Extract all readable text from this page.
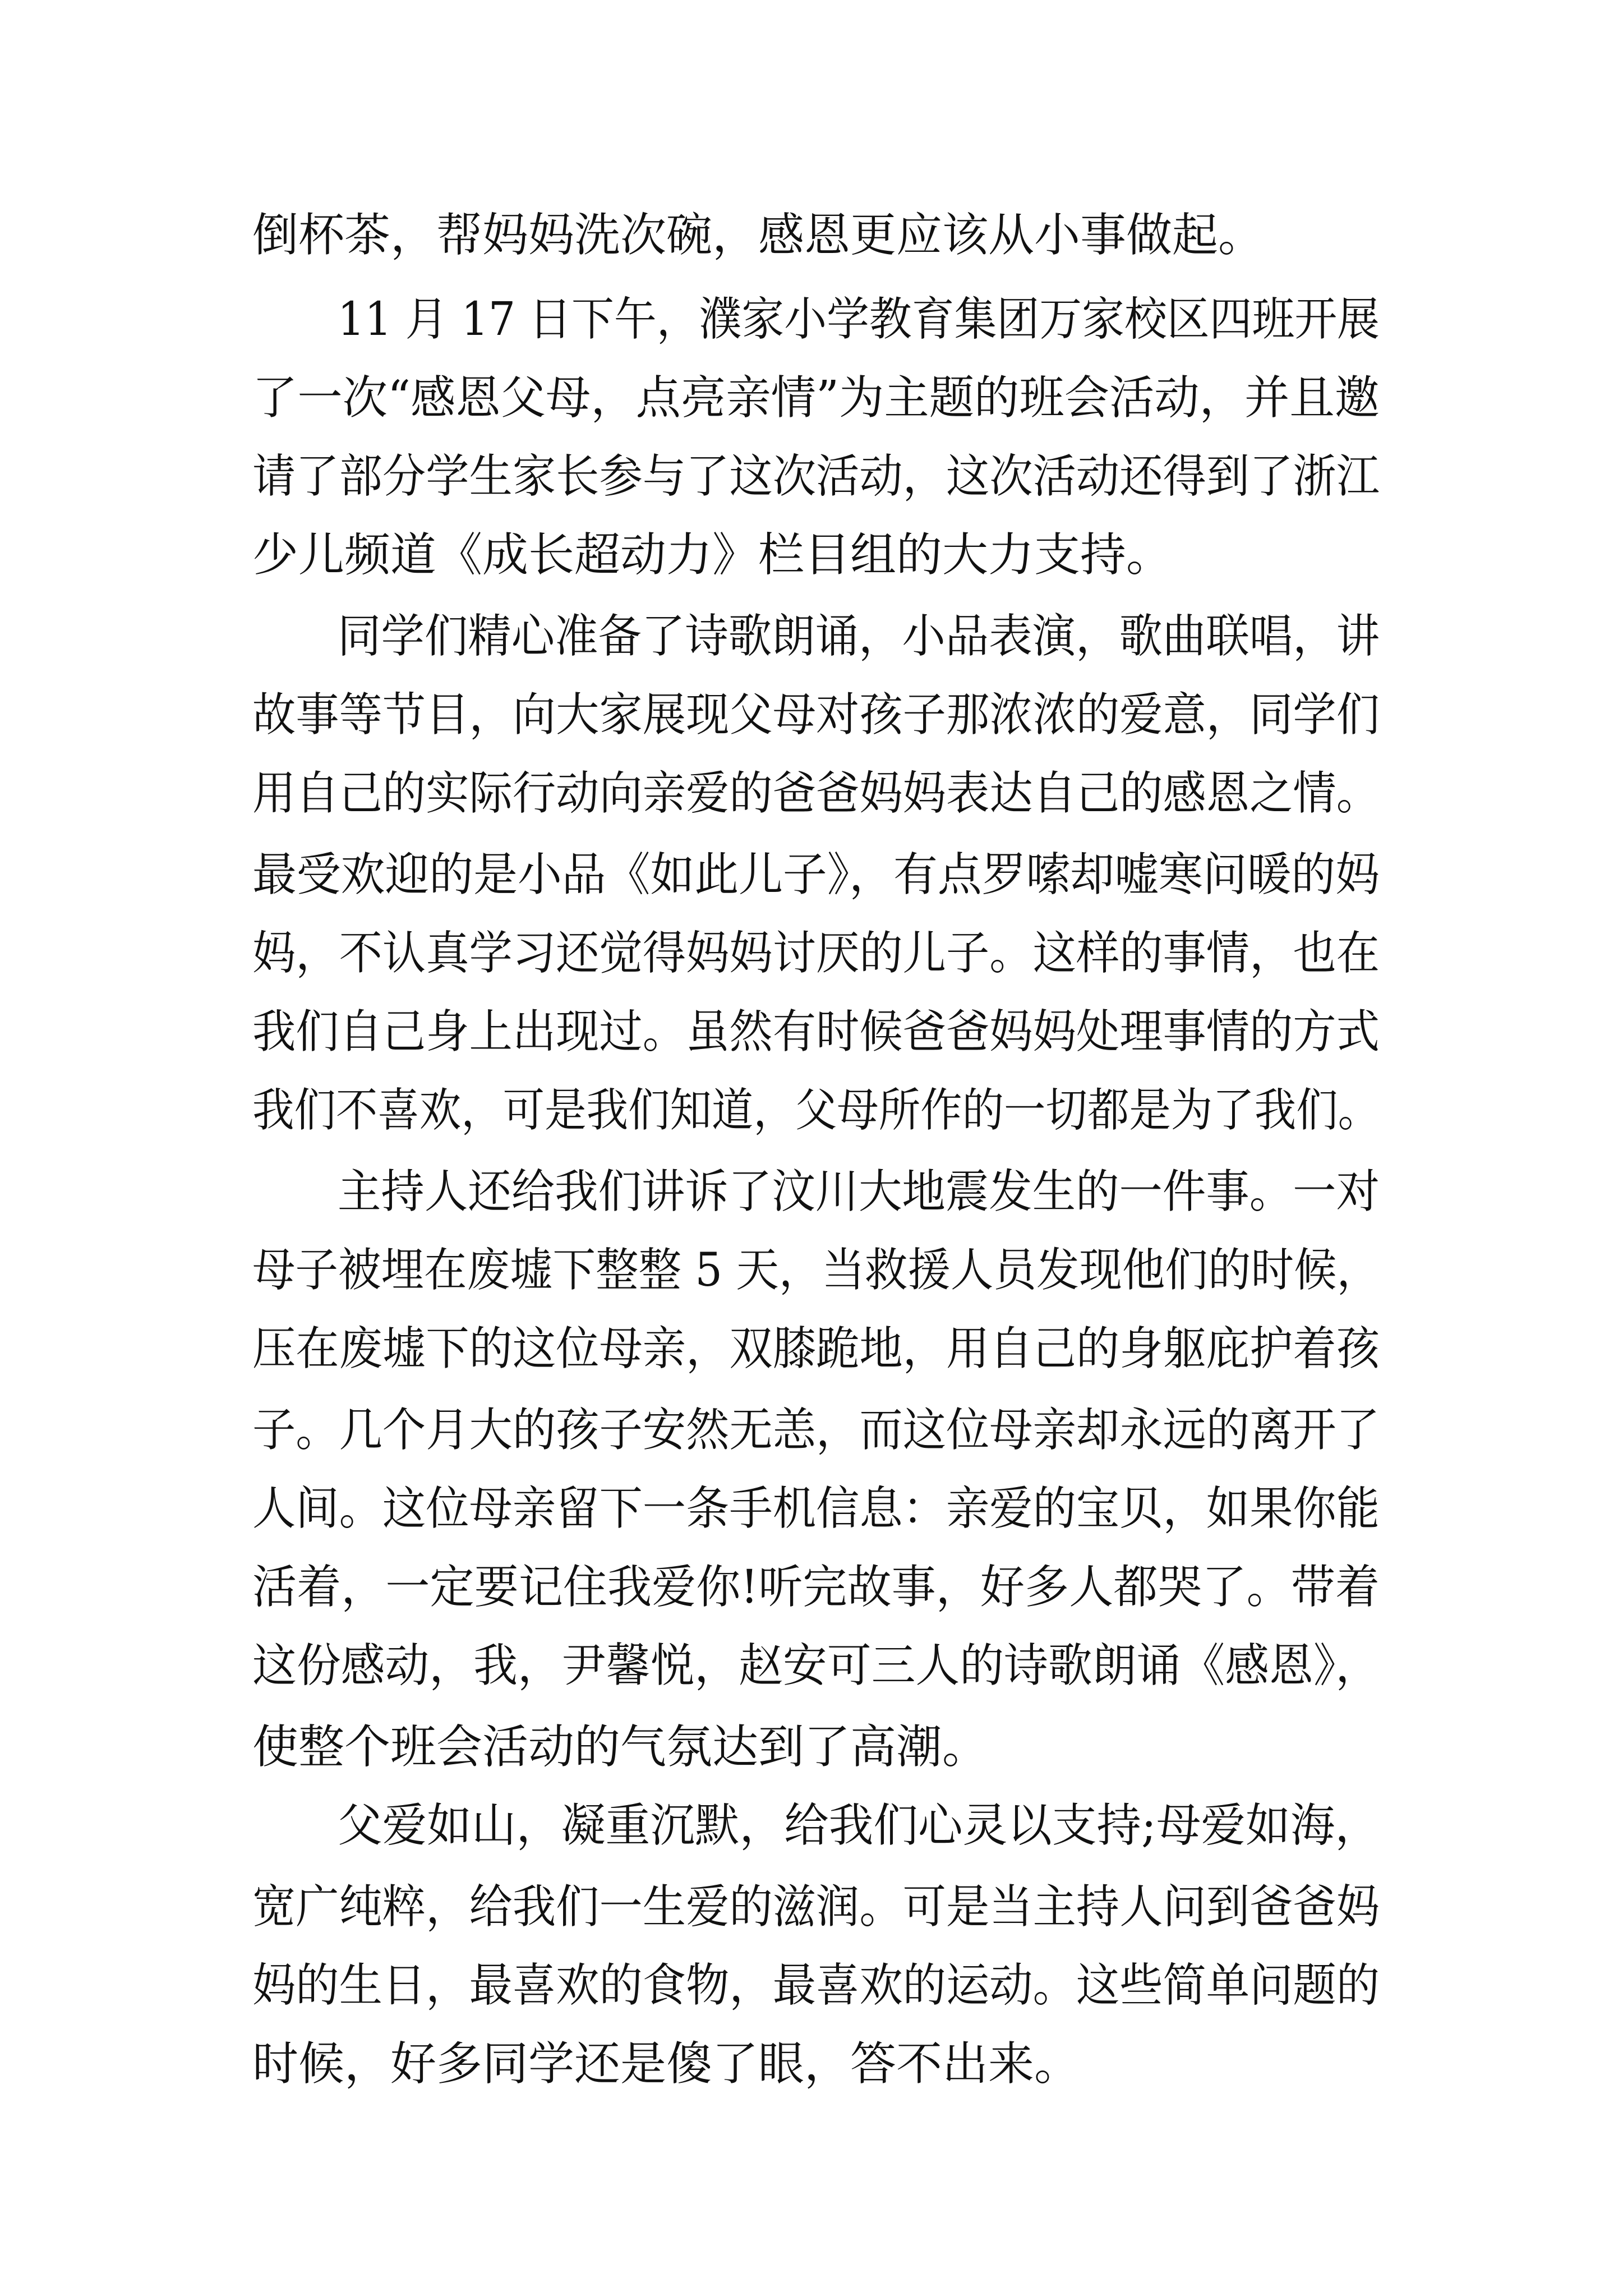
倒杯茶，帮妈妈洗次碗，感恩更应该从小事做起。
11 月 17 日下午，濮家小学教育集团万家校区四班开展
了一次“感恩父母，点亮亲情”为主题的班会活动，并且邀
请了部分学生家长参与了这次活动，这次活动还得到了浙江
少儿频道《成长超动力》栏目组的大力支持。
同学们精心准备了诗歌朗诵，小品表演，歌曲联唱，讲
故事等节目，向大家展现父母对孩子那浓浓的爱意，同学们
用自己的实际行动向亲爱的爸爸妈妈表达自己的感恩之情。
最受欢迎的是小品《如此儿子》，有点罗嗦却嘘寒问暖的妈
妈，不认真学习还觉得妈妈讨厌的儿子。这样的事情，也在
我们自己身上出现过。虽然有时候爸爸妈妈处理事情的方式
我们不喜欢，可是我们知道，父母所作的一切都是为了我们。
主持人还给我们讲诉了汶川大地震发生的一件事。一对
母子被埋在废墟下整整 5 天，当救援人员发现他们的时候，
压在废墟下的这位母亲，双膝跪地，用自己的身躯庇护着孩
子。几个月大的孩子安然无恙，而这位母亲却永远的离开了
人间。这位母亲留下一条手机信息：亲爱的宝贝，如果你能
活着，一定要记住我爱你!听完故事，好多人都哭了。带着
这份感动，我，尹馨悦，赵安可三人的诗歌朗诵《感恩》，
使整个班会活动的气氛达到了高潮。
父爱如山，凝重沉默，给我们心灵以支持;母爱如海，
宽广纯粹，给我们一生爱的滋润。可是当主持人问到爸爸妈
妈的生日，最喜欢的食物，最喜欢的运动。这些简单问题的
时候，好多同学还是傻了眼，答不出来。
